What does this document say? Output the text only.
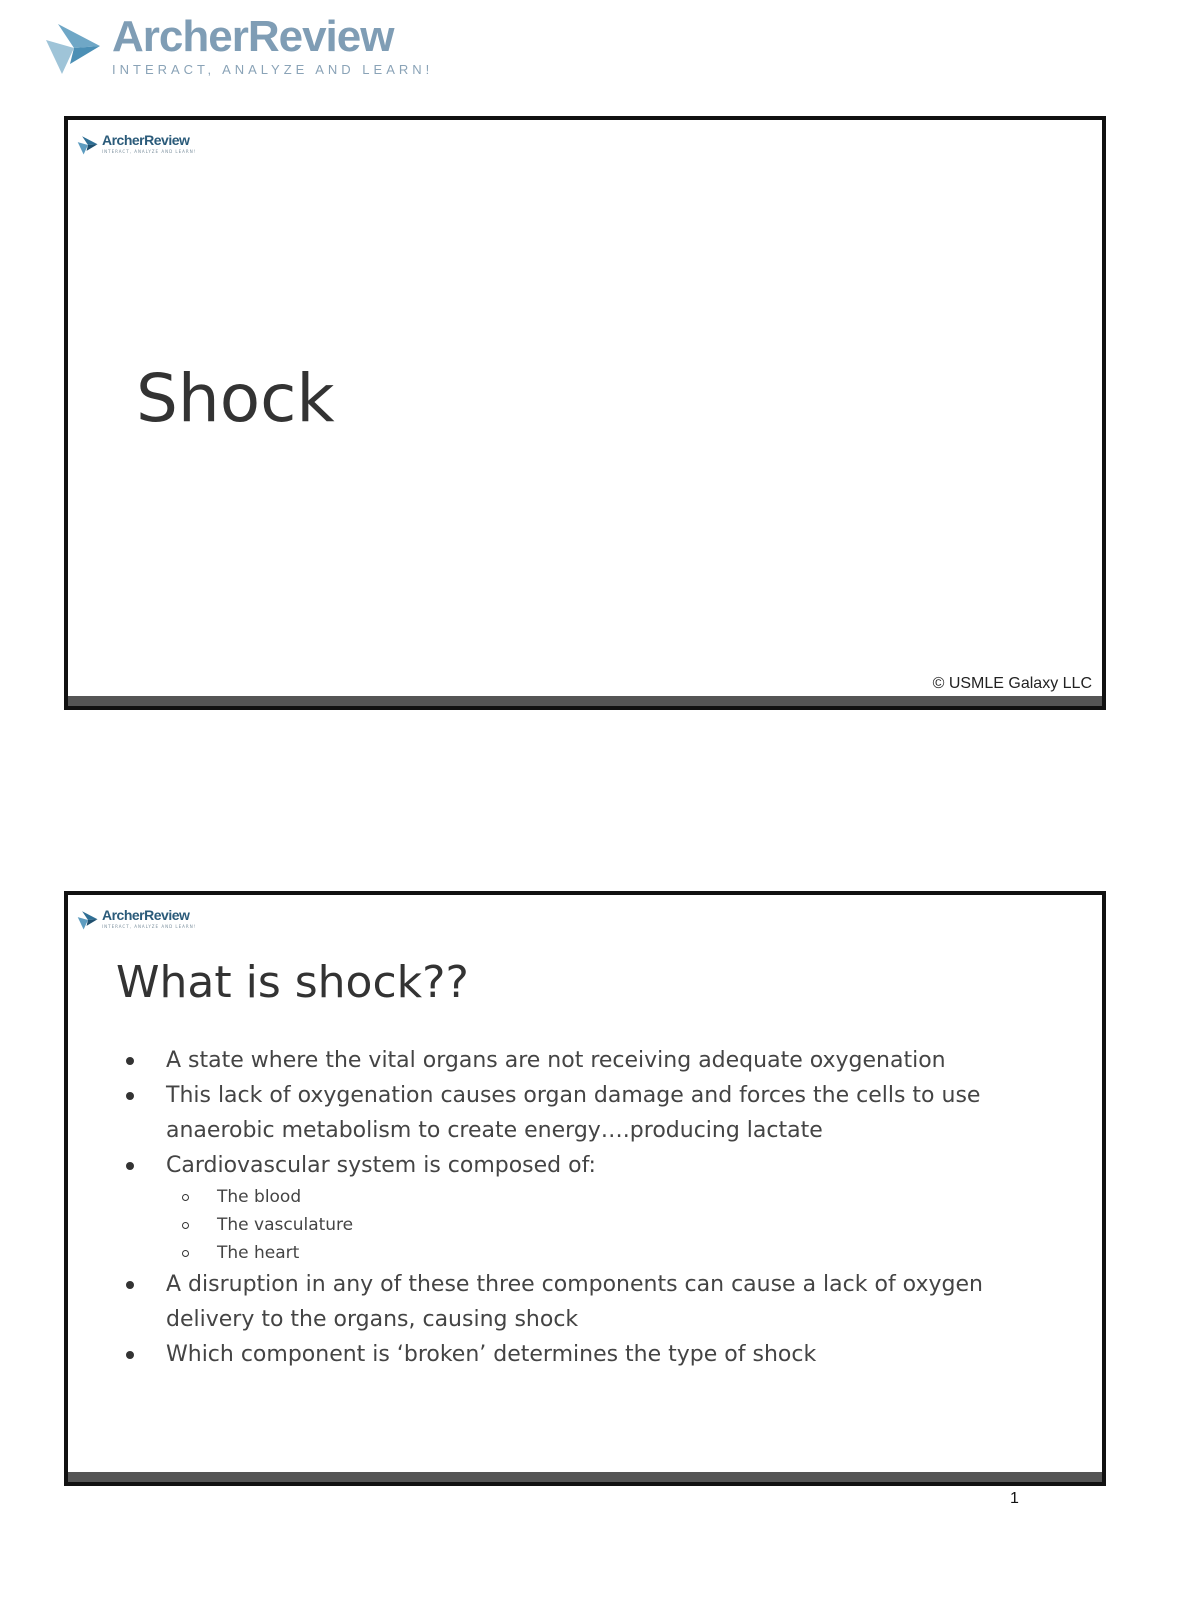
ArcherReview
INTERACT, ANALYZE AND LEARN!
ArcherReview
INTERACT, ANALYZE AND LEARN!
Shock
© USMLE Galaxy LLC
ArcherReview
INTERACT, ANALYZE AND LEARN!
What is shock??
A state where the vital organs are not receiving adequate oxygenation
This lack of oxygenation causes organ damage and forces the cells to use anaerobic metabolism to create energy….producing lactate
Cardiovascular system is composed of:
The blood
The vasculature
The heart
A disruption in any of these three components can cause a lack of oxygen delivery to the organs, causing shock
Which component is ‘broken’ determines the type of shock
1
